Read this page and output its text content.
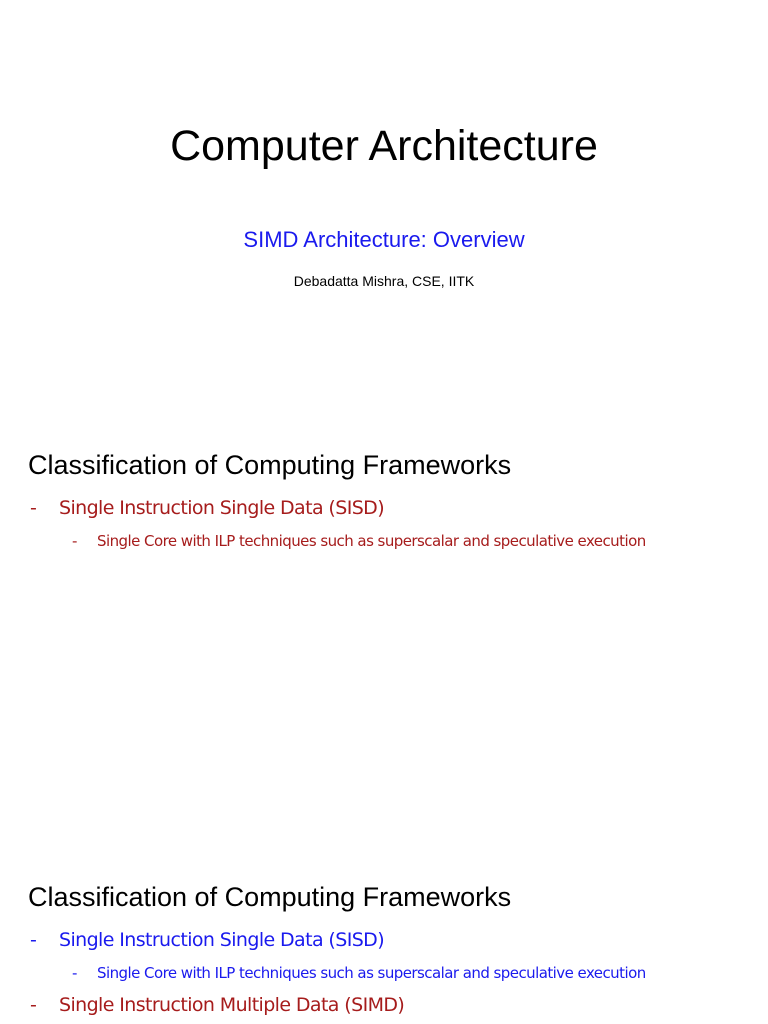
Computer Architecture
SIMD Architecture: Overview
Debadatta Mishra, CSE, IITK
Classification of Computing Frameworks
- Single Instruction Single Data (SISD)
- Single Core with ILP techniques such as superscalar and speculative execution
Classification of Computing Frameworks
- Single Instruction Single Data (SISD)
- Single Core with ILP techniques such as superscalar and speculative execution
- Single Instruction Multiple Data (SIMD)
